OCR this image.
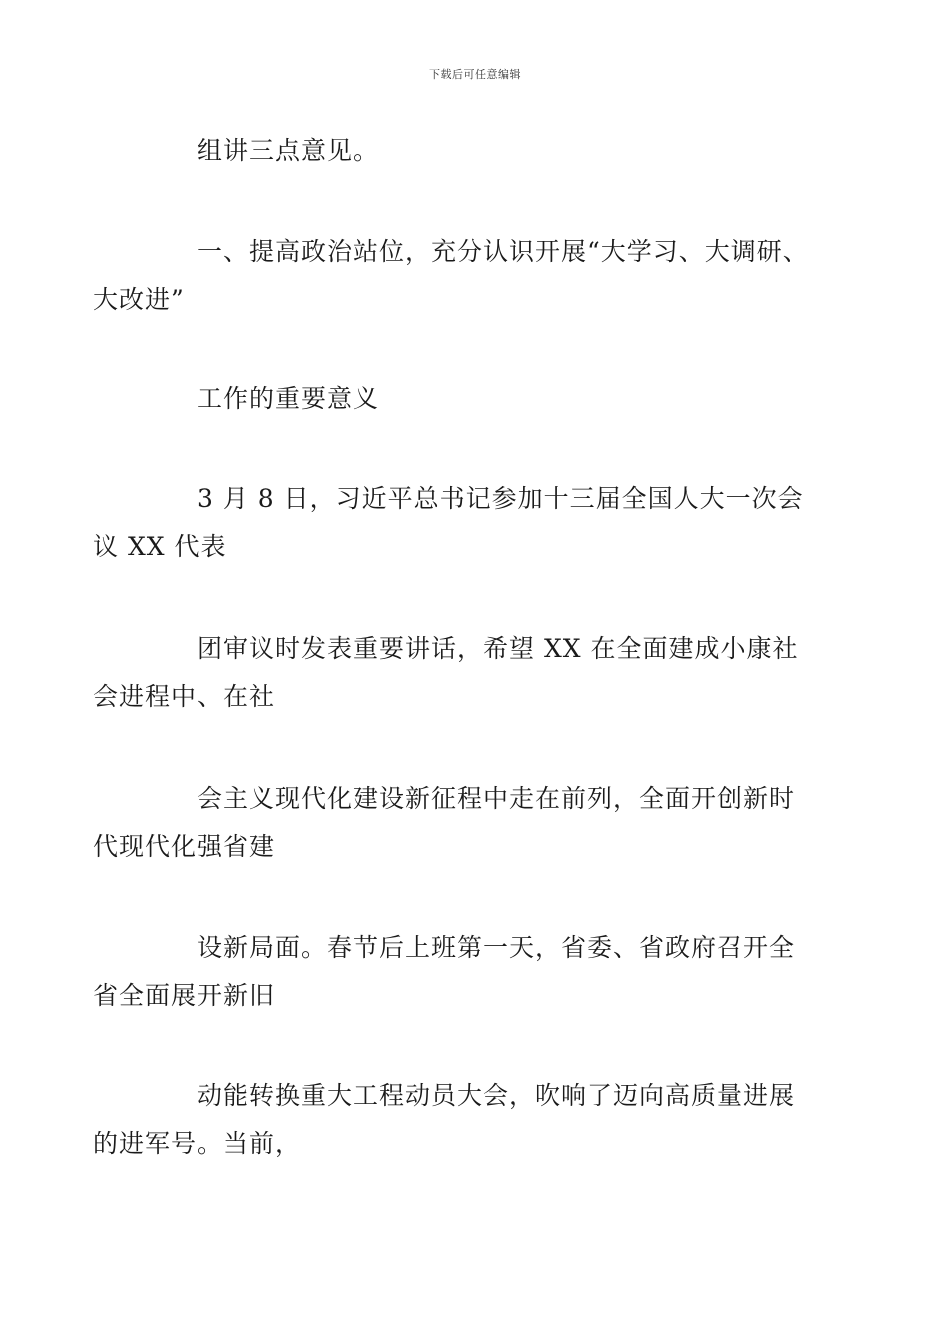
下载后可任意编辑
组讲三点意见。
一、提高政治站位，充分认识开展“大学习、大调研、
大改进”
工作的重要意义
3 月 8 日，习近平总书记参加十三届全国人大一次会
议 XX 代表
团审议时发表重要讲话，希望 XX 在全面建成小康社
会进程中、在社
会主义现代化建设新征程中走在前列，全面开创新时
代现代化强省建
设新局面。春节后上班第一天，省委、省政府召开全
省全面展开新旧
动能转换重大工程动员大会，吹响了迈向高质量进展
的进军号。当前，
